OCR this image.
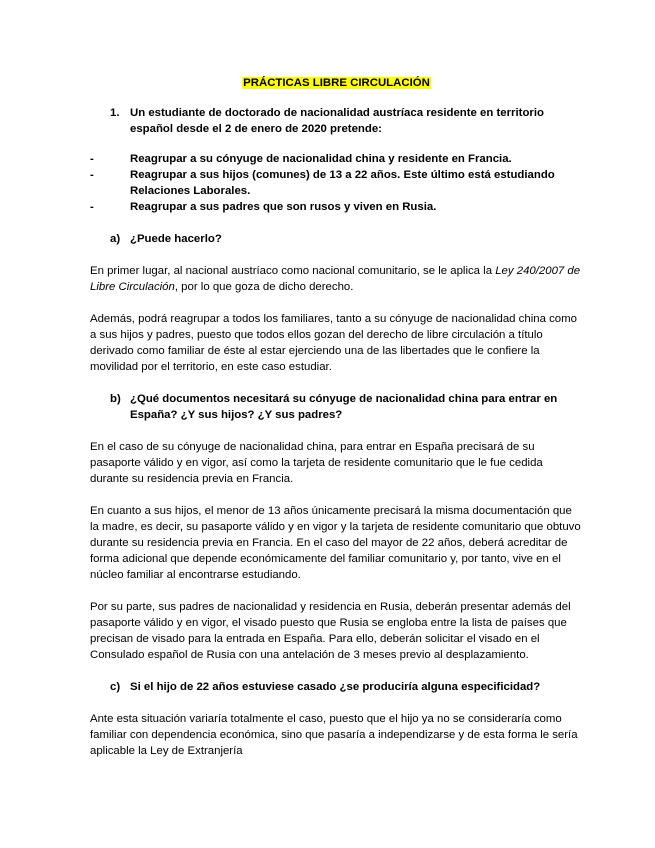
PRÁCTICAS LIBRE CIRCULACIÓN
1. Un estudiante de doctorado de nacionalidad austríaca residente en territorio español desde el 2 de enero de 2020 pretende:
-	Reagrupar a su cónyuge de nacionalidad china y residente en Francia.
-	Reagrupar a sus hijos (comunes) de 13 a 22 años. Este último está estudiando Relaciones Laborales.
-	Reagrupar a sus padres que son rusos y viven en Rusia.
a) ¿Puede hacerlo?

En primer lugar, al nacional austríaco como nacional comunitario, se le aplica la Ley 240/2007 de Libre Circulación, por lo que goza de dicho derecho.

Además, podrá reagrupar a todos los familiares, tanto a su cónyuge de nacionalidad china como a sus hijos y padres, puesto que todos ellos gozan del derecho de libre circulación a título derivado como familiar de éste al estar ejerciendo una de las libertades que le confiere la movilidad por el territorio, en este caso estudiar.

b) ¿Qué documentos necesitará su cónyuge de nacionalidad china para entrar en España? ¿Y sus hijos? ¿Y sus padres?

En el caso de su cónyuge de nacionalidad china, para entrar en España precisará de su pasaporte válido y en vigor, así como la tarjeta de residente comunitario que le fue cedida durante su residencia previa en Francia.

En cuanto a sus hijos, el menor de 13 años únicamente precisará la misma documentación que la madre, es decir, su pasaporte válido y en vigor y la tarjeta de residente comunitario que obtuvo durante su residencia previa en Francia. En el caso del mayor de 22 años, deberá acreditar de forma adicional que depende económicamente del familiar comunitario y, por tanto, vive en el núcleo familiar al encontrarse estudiando.

Por su parte, sus padres de nacionalidad y residencia en Rusia, deberán presentar además del pasaporte válido y en vigor, el visado puesto que Rusia se engloba entre la lista de países que precisan de visado para la entrada en España. Para ello, deberán solicitar el visado en el Consulado español de Rusia con una antelación de 3 meses previo al desplazamiento.

c) Si el hijo de 22 años estuviese casado ¿se produciría alguna especificidad?

Ante esta situación variaría totalmente el caso, puesto que el hijo ya no se consideraría como familiar con dependencia económica, sino que pasaría a independizarse y de esta forma le sería aplicable la Ley de Extranjería
